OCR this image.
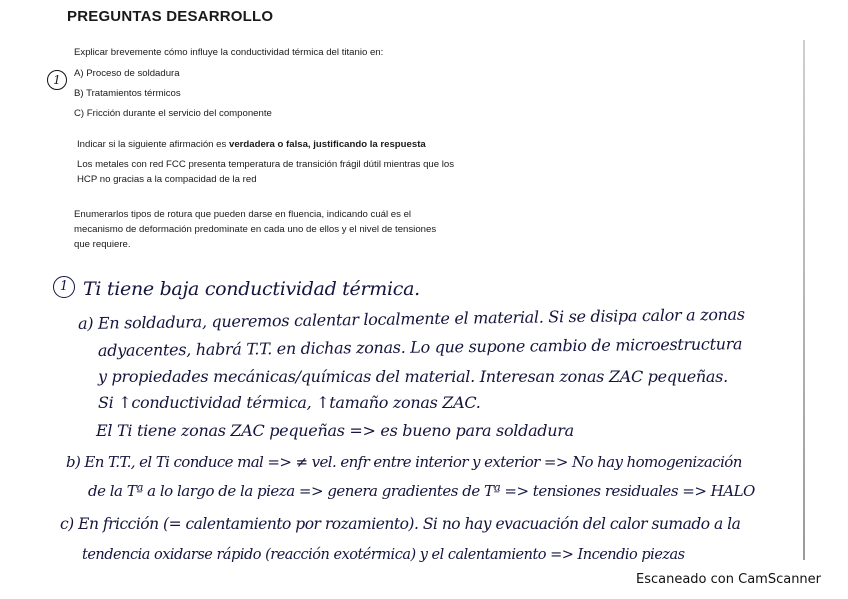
PREGUNTAS DESARROLLO
1
Explicar brevemente cómo influye la conductividad térmica del titanio en:
A) Proceso de soldadura
B) Tratamientos térmicos
C) Fricción durante el servicio del componente
Indicar si la siguiente afirmación es verdadera o falsa, justificando la respuesta
Los metales con red FCC presenta temperatura de transición frágil dútil mientras que los
HCP no gracias a la compacidad de la red
Enumerarlos tipos de rotura que pueden darse en fluencia, indicando cuál es el
mecanismo de deformación predominate en cada uno de ellos y el nivel de tensiones
que requiere.
1 Ti tiene baja conductividad térmica.
a) En soldadura, queremos calentar localmente el material. Si se disipa calor a zonas
adyacentes, habrá T.T. en dichas zonas. Lo que supone cambio de microestructura
y propiedades mecánicas/químicas del material. Interesan zonas ZAC pequeñas.
Si ↑conductividad térmica, ↑tamaño zonas ZAC.
El Ti tiene zonas ZAC pequeñas => es bueno para soldadura
b) En T.T., el Ti conduce mal => ≠ vel. enfr entre interior y exterior => No hay homogenización
de la Tª a lo largo de la pieza => genera gradientes de Tª => tensiones residuales => HALO
c) En fricción (= calentamiento por rozamiento). Si no hay evacuación del calor sumado a la
tendencia oxidarse rápido (reacción exotérmica) y el calentamiento => Incendio piezas
Escaneado con CamScanner
